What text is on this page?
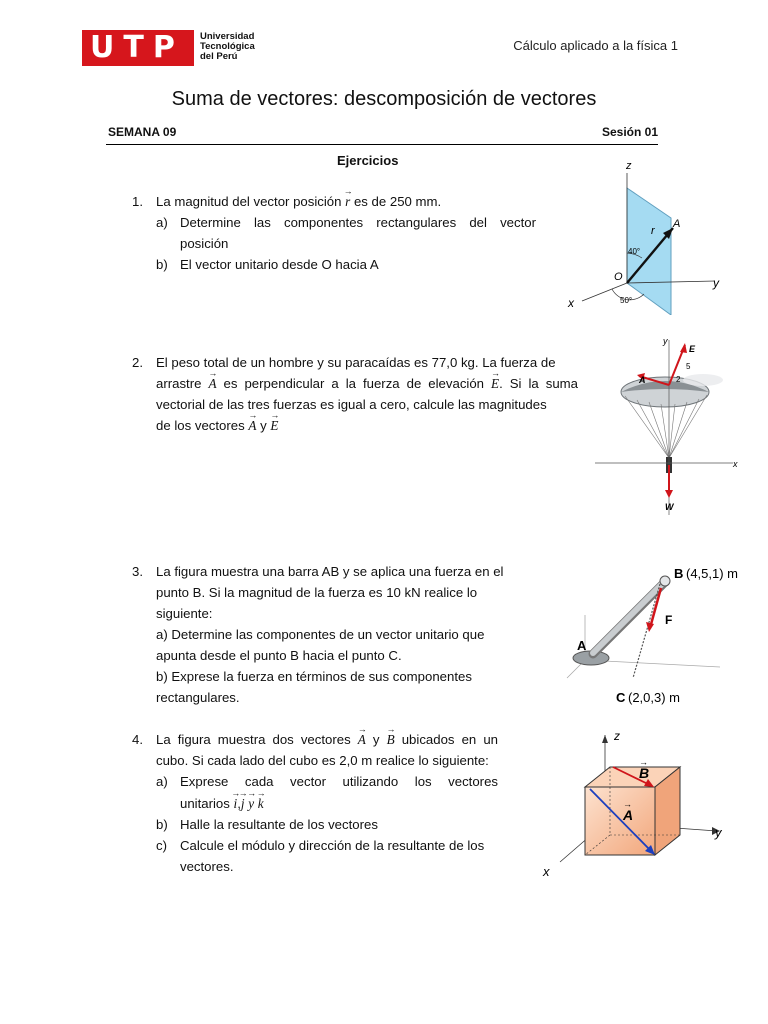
UTP	Universidad
Tecnológica
del Perú
Cálculo aplicado a la física 1
Suma de vectores: descomposición de vectores
SEMANA 09	Sesión 01
Ejercicios
1. La magnitud del vector posición → r es de 250 mm.
a) Determine las componentes rectangulares del vector posición
b) El vector unitario desde O hacia A
z
y
x
O
A
r
40°
50°
2. El peso total de un hombre y su paracaídas es 77,0 kg. La fuerza de
arrastre → A es perpendicular a la fuerza de elevación → E. Si la suma
vectorial de las tres fuerzas es igual a cero, calcule las magnitudes
de los vectores → A y → E
y
x
E
A
W
5
2
3. La figura muestra una barra AB y se aplica una fuerza en el
punto B. Si la magnitud de la fuerza es 10 kN realice lo
siguiente:
a) Determine las componentes de un vector unitario que
apunta desde el punto B hacia el punto C.
b) Exprese la fuerza en términos de sus componentes
rectangulares.
B (4,5,1) m
F
A
C (2,0,3) m
4. La figura muestra dos vectores → A y → B ubicados en un
cubo. Si cada lado del cubo es 2,0 m realice lo siguiente:
a) Exprese cada vector utilizando los vectores
unitarios → i,→ j → y → k
b) Halle la resultante de los vectores
c) Calcule el módulo y dirección de la resultante de los
vectores.
z
y
x
A
B
→
→
